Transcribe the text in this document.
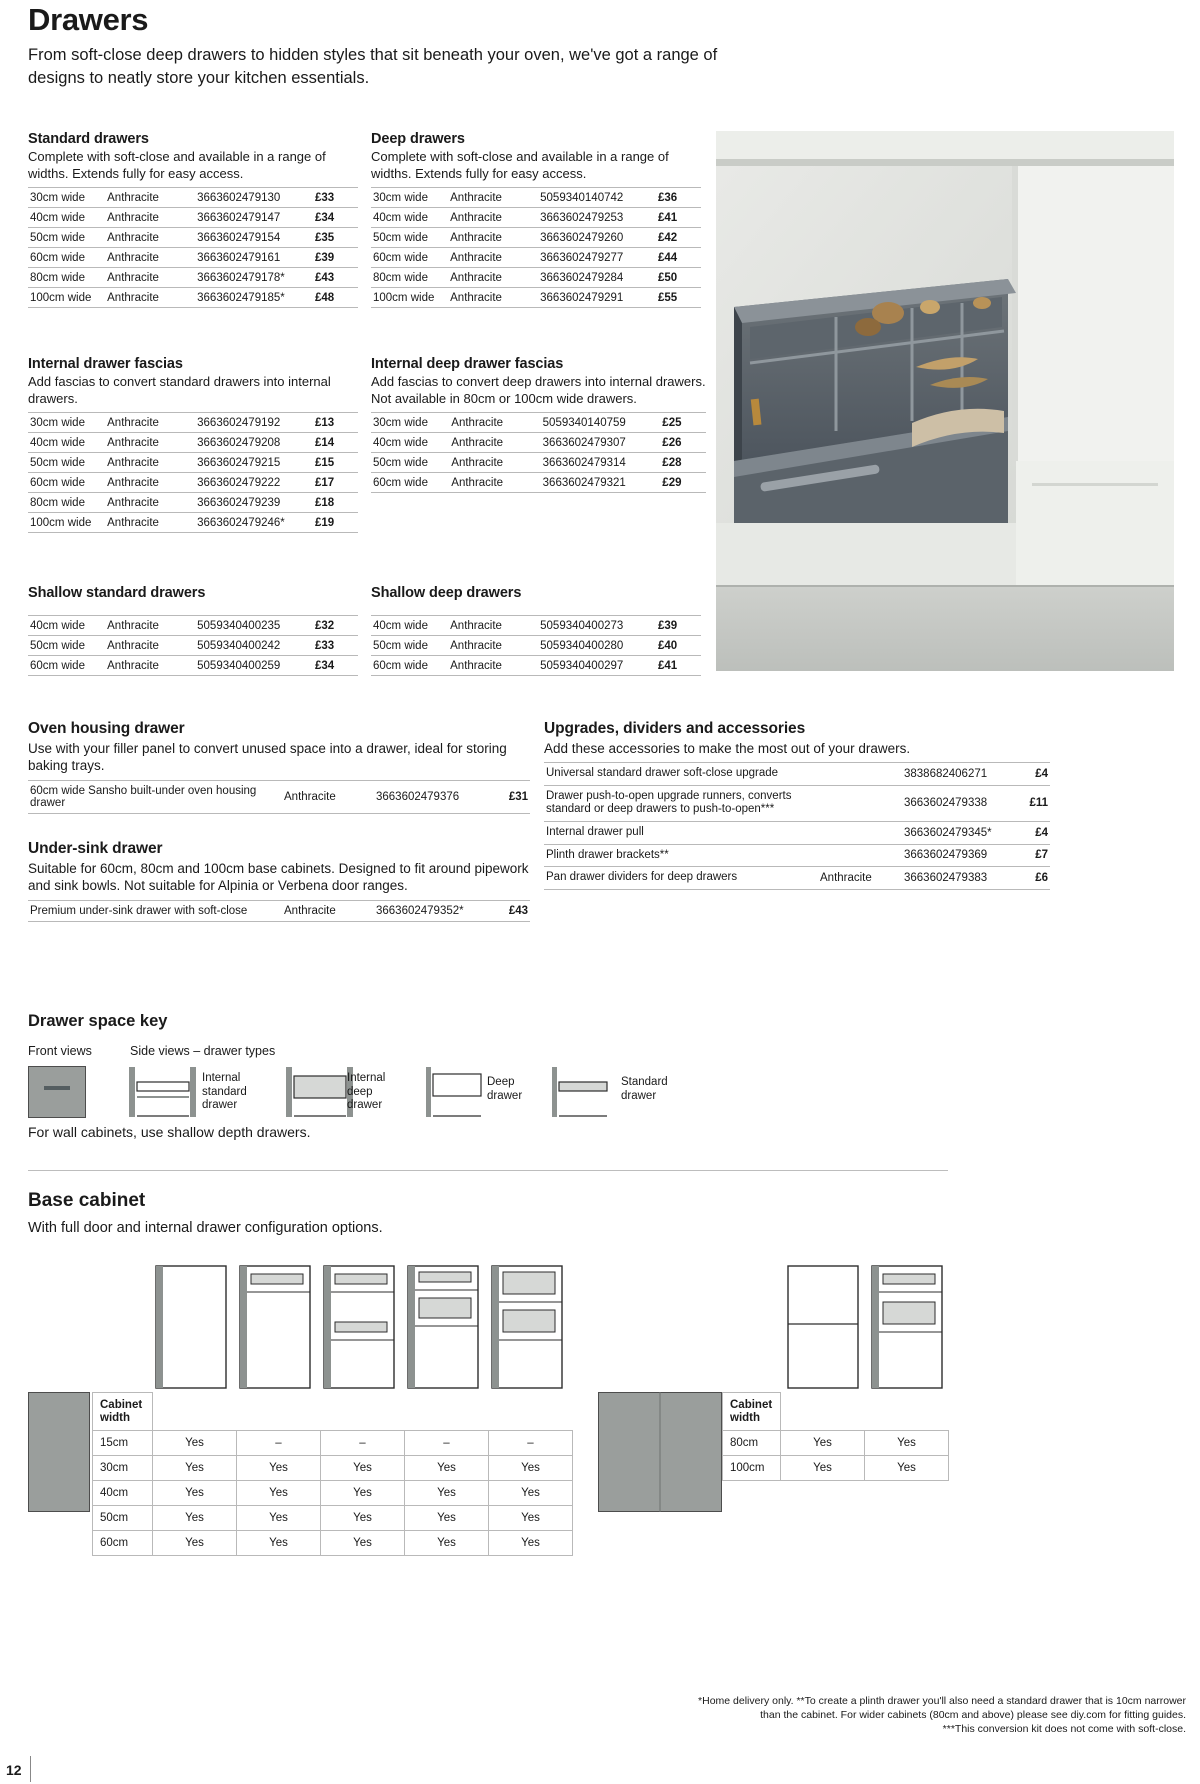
Drawers

From soft-close deep drawers to hidden styles that sit beneath your oven, we've got a range of designs to neatly store your kitchen essentials.

Standard drawers
Complete with soft-close and available in a range of widths. Extends fully for easy access.
30cm wide	Anthracite	3663602479130	£33
40cm wide	Anthracite	3663602479147	£34
50cm wide	Anthracite	3663602479154	£35
60cm wide	Anthracite	3663602479161	£39
80cm wide	Anthracite	3663602479178*	£43
100cm wide	Anthracite	3663602479185*	£48
Deep drawers
Complete with soft-close and available in a range of widths. Extends fully for easy access.
30cm wide	Anthracite	5059340140742	£36
40cm wide	Anthracite	3663602479253	£41
50cm wide	Anthracite	3663602479260	£42
60cm wide	Anthracite	3663602479277	£44
80cm wide	Anthracite	3663602479284	£50
100cm wide	Anthracite	3663602479291	£55
Internal drawer fascias
Add fascias to convert standard drawers into internal drawers.
30cm wide	Anthracite	3663602479192	£13
40cm wide	Anthracite	3663602479208	£14
50cm wide	Anthracite	3663602479215	£15
60cm wide	Anthracite	3663602479222	£17
80cm wide	Anthracite	3663602479239	£18
100cm wide	Anthracite	3663602479246*	£19
Internal deep drawer fascias
Add fascias to convert deep drawers into internal drawers. Not available in 80cm or 100cm wide drawers.
30cm wide	Anthracite	5059340140759	£25
40cm wide	Anthracite	3663602479307	£26
50cm wide	Anthracite	3663602479314	£28
60cm wide	Anthracite	3663602479321	£29
Shallow standard drawers
40cm wide	Anthracite	5059340400235	£32
50cm wide	Anthracite	5059340400242	£33
60cm wide	Anthracite	5059340400259	£34
Shallow deep drawers
40cm wide	Anthracite	5059340400273	£39
50cm wide	Anthracite	5059340400280	£40
60cm wide	Anthracite	5059340400297	£41
Oven housing drawer
Use with your filler panel to convert unused space into a drawer, ideal for storing baking trays.
60cm wide Sansho built-under oven housing drawer	Anthracite	3663602479376	£31
Under-sink drawer
Suitable for 60cm, 80cm and 100cm base cabinets. Designed to fit around pipework and sink bowls. Not suitable for Alpinia or Verbena door ranges.
Premium under-sink drawer with soft-close	Anthracite	3663602479352*	£43
Upgrades, dividers and accessories
Add these accessories to make the most out of your drawers.
Universal standard drawer soft-close upgrade		3838682406271	£4
Drawer push-to-open upgrade runners, converts standard or deep drawers to push-to-open***		3663602479338	£11
Internal drawer pull		3663602479345*	£4
Plinth drawer brackets**		3663602479369	£7
Pan drawer dividers for deep drawers	Anthracite	3663602479383	£6
Drawer space key
Front views	Side views – drawer types
Internal standard drawer
Internal deep drawer
Deep drawer
Standard drawer
For wall cabinets, use shallow depth drawers.
Base cabinet
With full door and internal drawer configuration options.
Cabinet width					
15cm	Yes	–	–	–	–
30cm	Yes	Yes	Yes	Yes	Yes
40cm	Yes	Yes	Yes	Yes	Yes
50cm	Yes	Yes	Yes	Yes	Yes
60cm	Yes	Yes	Yes	Yes	Yes
Cabinet width		
80cm	Yes	Yes
100cm	Yes	Yes
*Home delivery only. **To create a plinth drawer you'll also need a standard drawer that is 10cm narrower
than the cabinet. For wider cabinets (80cm and above) please see diy.com for fitting guides.
***This conversion kit does not come with soft-close.
12
